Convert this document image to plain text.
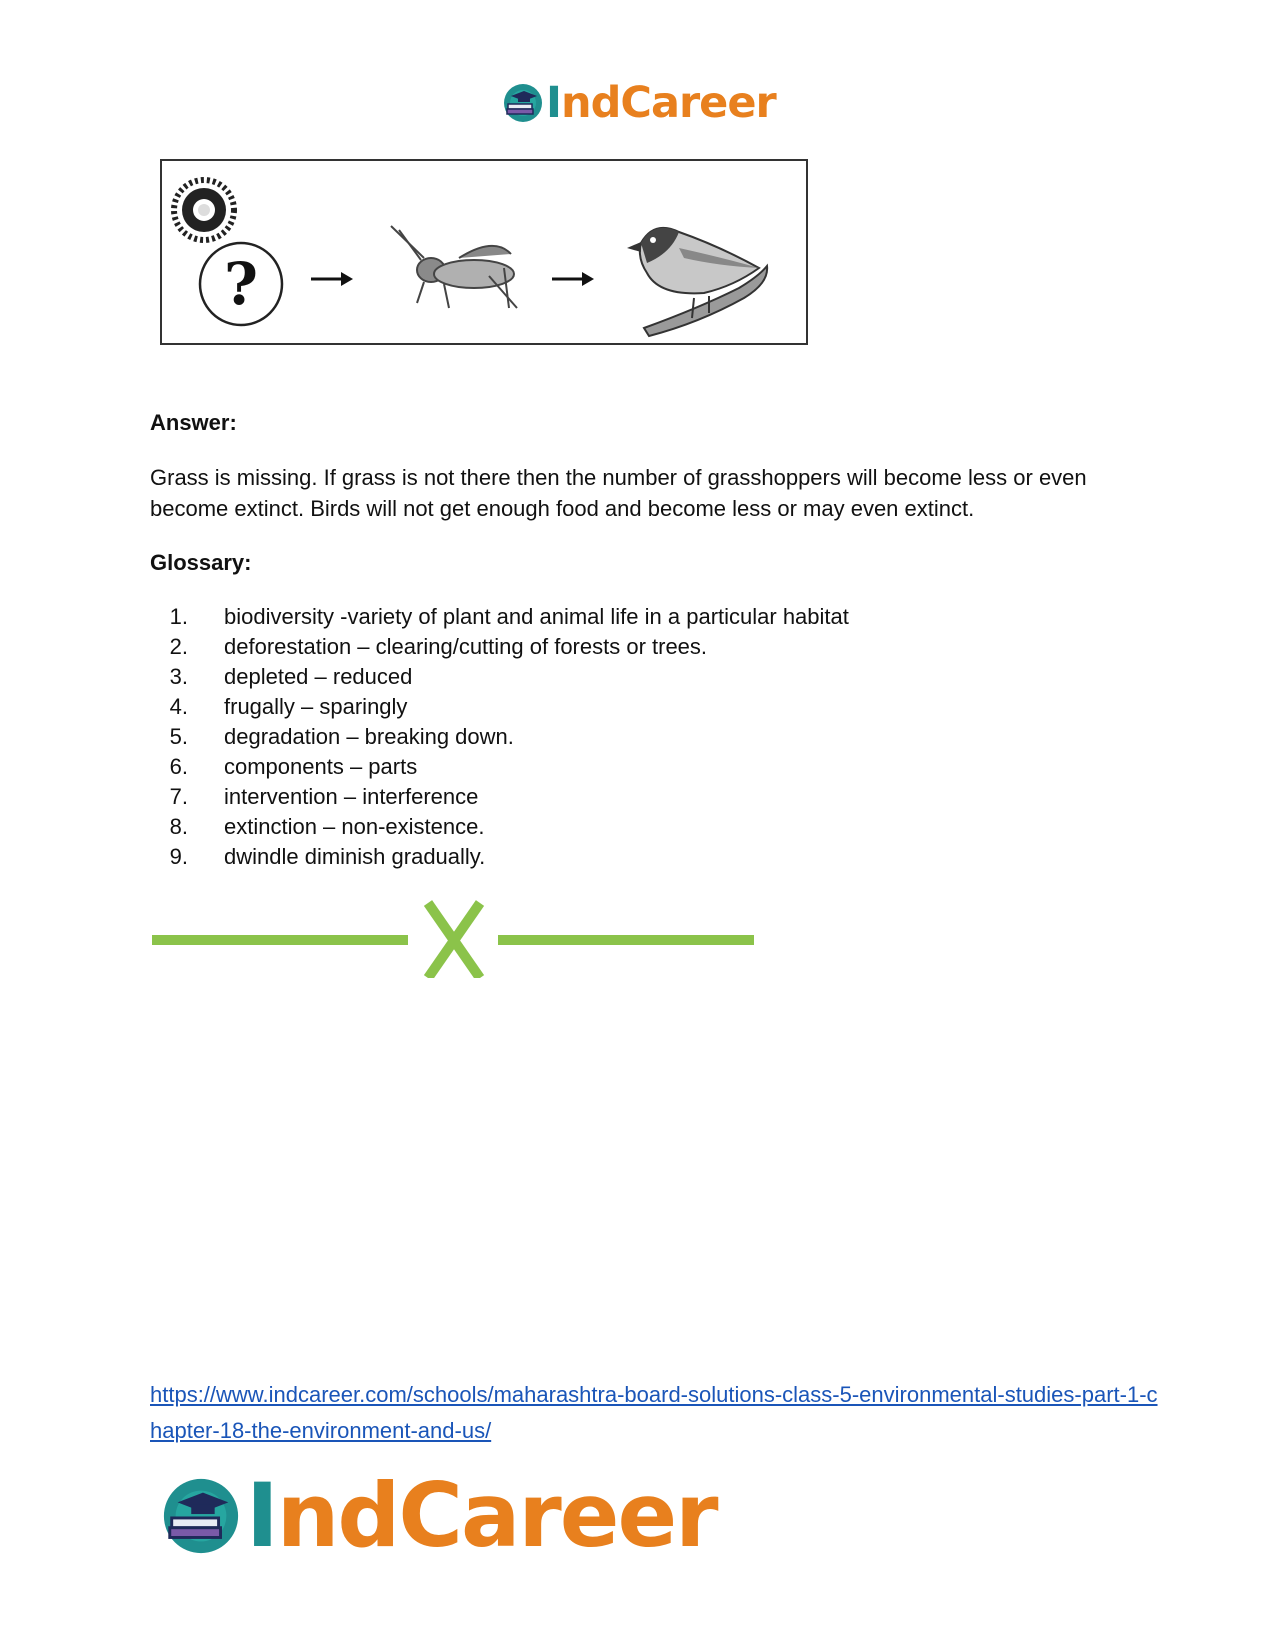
IndCareer
?

Answer:

Grass is missing. If grass is not there then the number of grasshoppers will become less or even become extinct. Birds will not get enough food and become less or may even extinct.

Glossary:

1. biodiversity -variety of plant and animal life in a particular habitat
2. deforestation – clearing/cutting of forests or trees.
3. depleted – reduced
4. frugally – sparingly
5. degradation – breaking down.
6. components – parts
7. intervention – interference
8. extinction – non-existence.
9. dwindle diminish gradually.
https://www.indcareer.com/schools/maharashtra-board-solutions-class-5-environmental-studies-part-1-chapter-18-the-environment-and-us/
IndCareer
